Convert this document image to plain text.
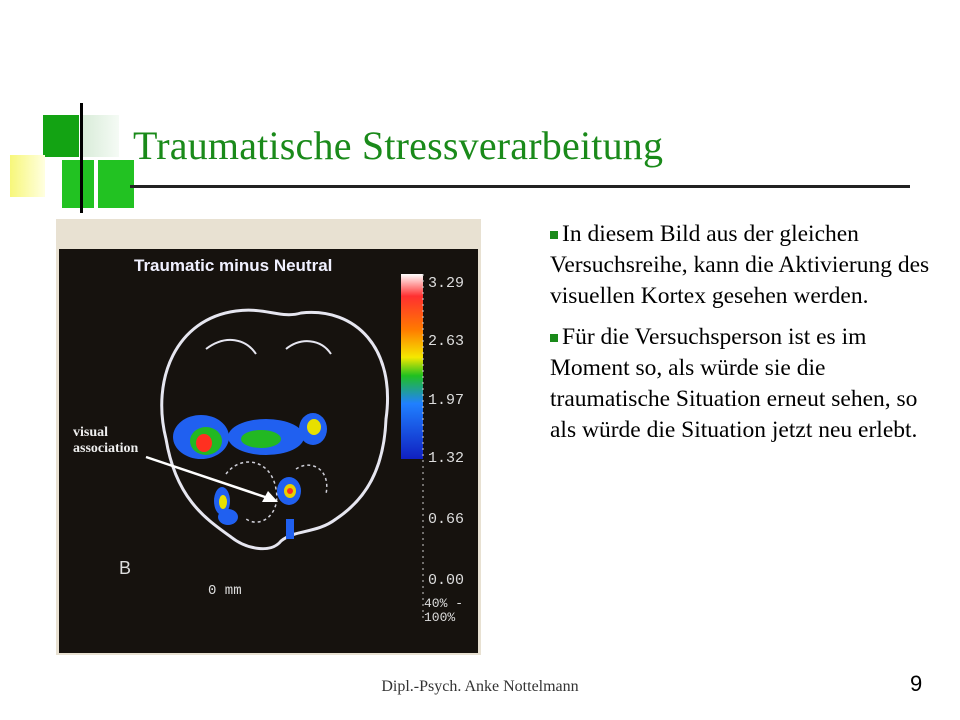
Traumatische Stressverarbeitung
Traumatic minus Neutral
3.29
2.63
1.97
1.32
0.66
0.00
40% -
100%
visual
association
B
0 mm

In diesem Bild aus der gleichen Versuchsreihe, kann die Aktivierung des visuellen Kortex gesehen werden.

Für die Versuchsperson ist es im Moment so, als würde sie die traumatische Situation erneut sehen, so als würde die Situation jetzt neu erlebt.

Dipl.-Psych. Anke Nottelmann	9
